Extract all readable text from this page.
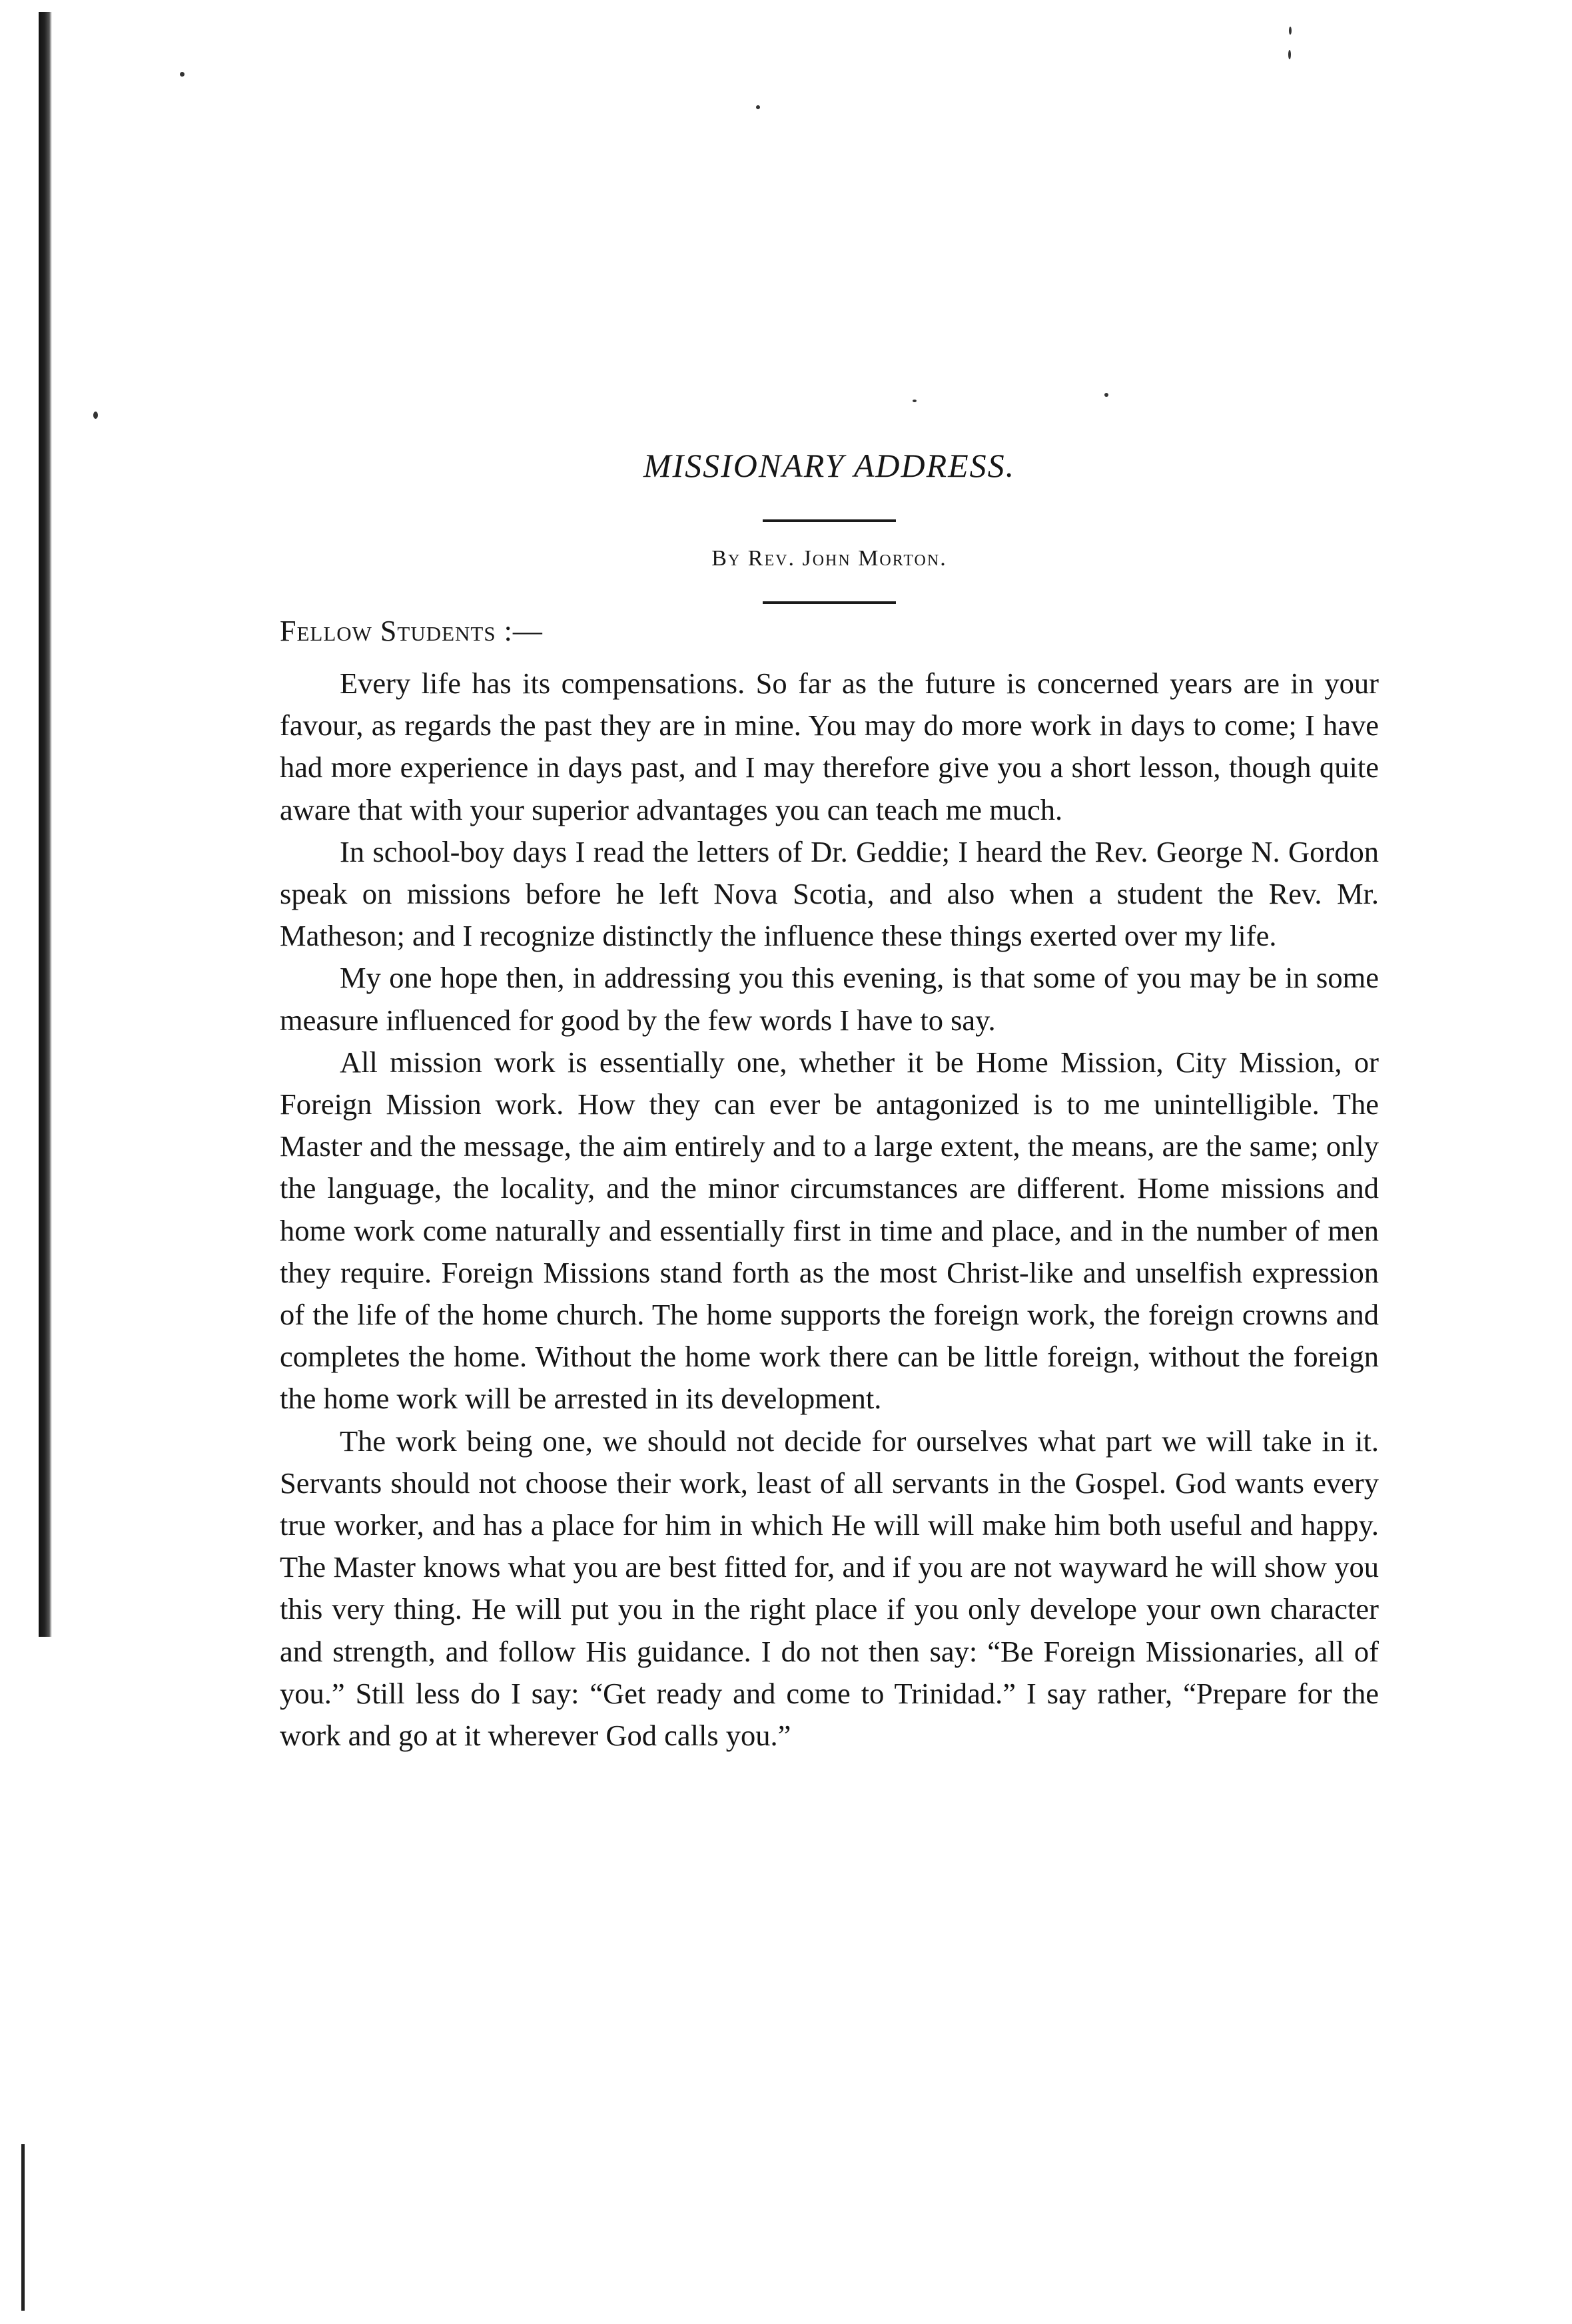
MISSIONARY ADDRESS.
By Rev. John Morton.
Fellow Students :—

Every life has its compensations. So far as the future is concerned years are in your favour, as regards the past they are in mine. You may do more work in days to come; I have had more experience in days past, and I may therefore give you a short lesson, though quite aware that with your superior advantages you can teach me much.

In school-boy days I read the letters of Dr. Geddie; I heard the Rev. George N. Gordon speak on missions before he left Nova Scotia, and also when a student the Rev. Mr. Matheson; and I recognize distinctly the influence these things exerted over my life.

My one hope then, in addressing you this evening, is that some of you may be in some measure influenced for good by the few words I have to say.

All mission work is essentially one, whether it be Home Mission, City Mission, or Foreign Mission work. How they can ever be antagonized is to me unintelligible. The Master and the message, the aim entirely and to a large extent, the means, are the same; only the language, the locality, and the minor circumstances are different. Home missions and home work come naturally and essentially first in time and place, and in the number of men they require. Foreign Missions stand forth as the most Christ-like and unselfish expression of the life of the home church. The home supports the foreign work, the foreign crowns and completes the home. Without the home work there can be little foreign, without the foreign the home work will be arrested in its development.

The work being one, we should not decide for ourselves what part we will take in it. Servants should not choose their work, least of all servants in the Gospel. God wants every true worker, and has a place for him in which He will will make him both useful and happy. The Master knows what you are best fitted for, and if you are not wayward he will show you this very thing. He will put you in the right place if you only develope your own character and strength, and follow His guidance. I do not then say: “Be Foreign Missionaries, all of you.” Still less do I say: “Get ready and come to Trinidad.” I say rather, “Prepare for the work and go at it wherever God calls you.”
